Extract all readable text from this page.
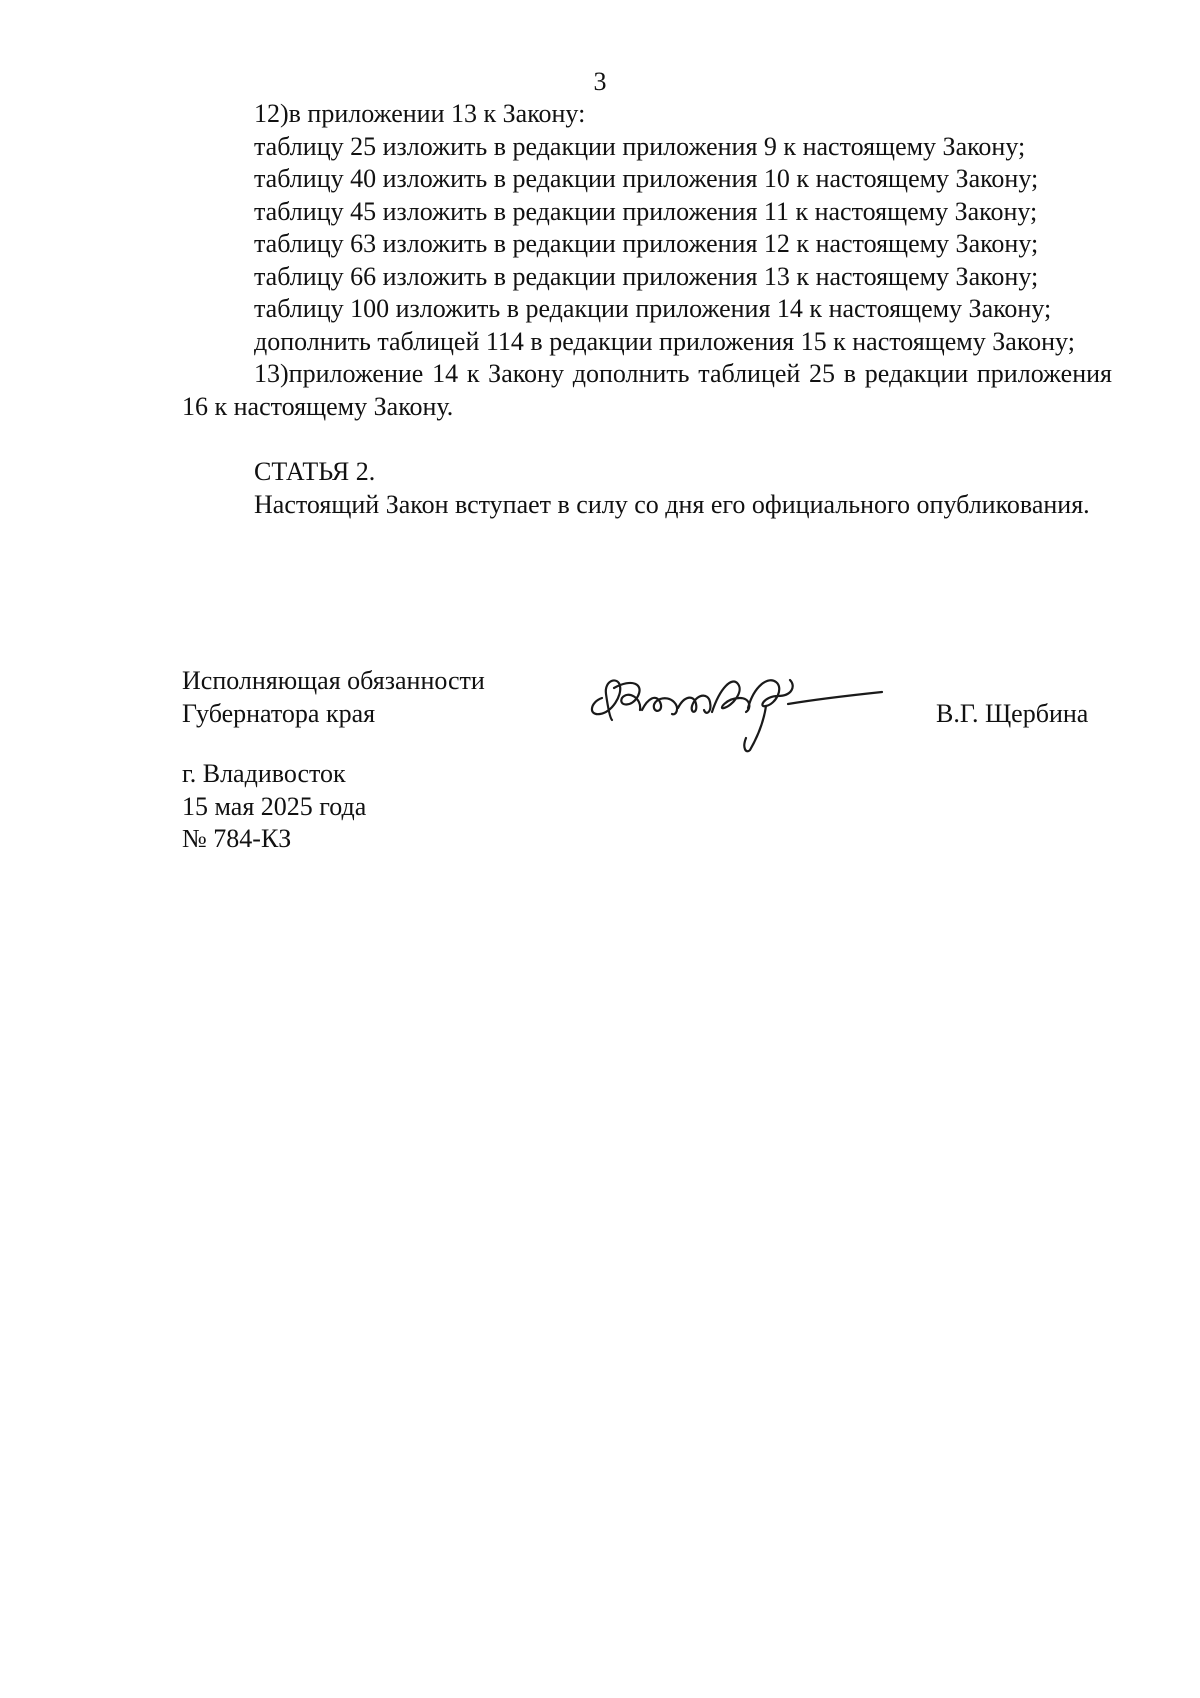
3

12)в приложении 13 к Закону:

таблицу 25 изложить в редакции приложения 9 к настоящему Закону;

таблицу 40 изложить в редакции приложения 10 к настоящему Закону;

таблицу 45 изложить в редакции приложения 11 к настоящему Закону;

таблицу 63 изложить в редакции приложения 12 к настоящему Закону;

таблицу 66 изложить в редакции приложения 13 к настоящему Закону;

таблицу 100 изложить в редакции приложения 14 к настоящему Закону;

дополнить таблицей 114 в редакции приложения 15 к настоящему Закону;

13)приложение 14 к Закону дополнить таблицей 25 в редакции приложения 16 к настоящему Закону.

СТАТЬЯ 2.

Настоящий Закон вступает в силу со дня его официального опубликования.

Исполняющая обязанности
Губернатора края	В.Г. Щербина
г. Владивосток
15 мая 2025 года
№ 784-КЗ
